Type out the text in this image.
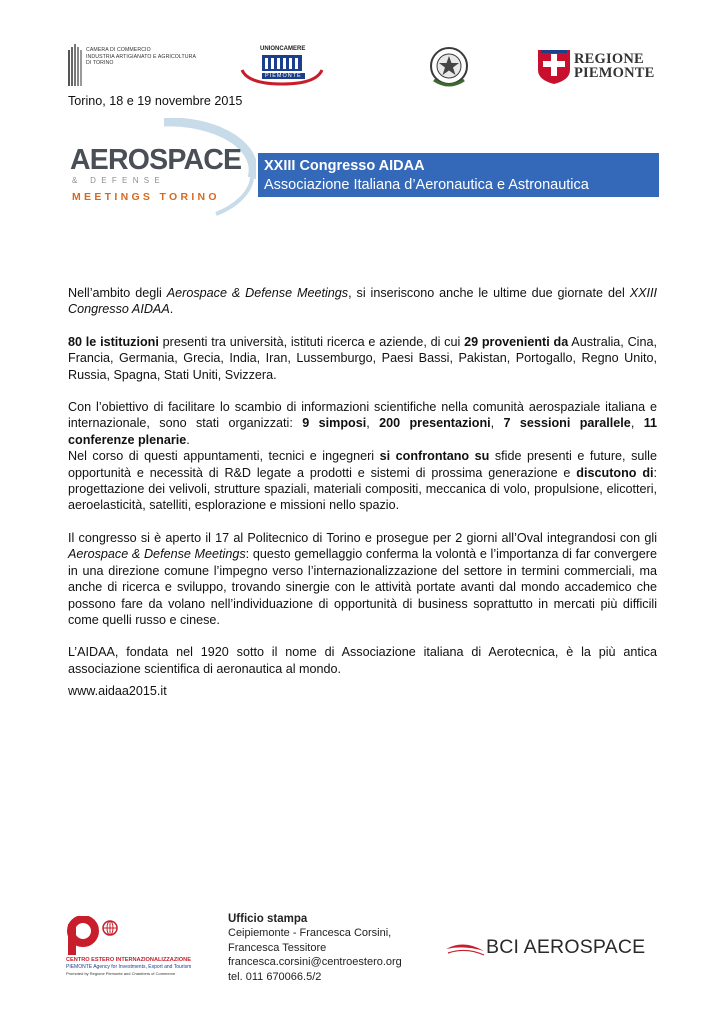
CAMERA DI COMMERCIO
INDUSTRIA ARTIGIANATO E AGRICOLTURA
DI TORINO
UNIONCAMERE
PIEMONTE
REGIONE
PIEMONTE
Torino, 18 e 19 novembre 2015
AEROSPACE
& DEFENSE
MEETINGS TORINO
XXIII Congresso AIDAA
Associazione Italiana d’Aeronautica e Astronautica

Nell’ambito degli Aerospace & Defense Meetings, si inseriscono anche le ultime due giornate del XXIII Congresso AIDAA.

80 le istituzioni presenti tra università, istituti ricerca e aziende, di cui 29 provenienti da Australia, Cina, Francia, Germania, Grecia, India, Iran, Lussemburgo, Paesi Bassi, Pakistan, Portogallo, Regno Unito, Russia, Spagna, Stati Uniti, Svizzera.

Con l’obiettivo di facilitare lo scambio di informazioni scientifiche nella comunità aerospaziale italiana e internazionale, sono stati organizzati: 9 simposi, 200 presentazioni, 7 sessioni parallele, 11 conferenze plenarie.

Nel corso di questi appuntamenti, tecnici e ingegneri si confrontano su sfide presenti e future, sulle opportunità e necessità di R&D legate a prodotti e sistemi di prossima generazione e discutono di: progettazione dei velivoli, strutture spaziali, materiali compositi, meccanica di volo, propulsione, elicotteri, aeroelasticità, satelliti, esplorazione e missioni nello spazio.

Il congresso si è aperto il 17 al Politecnico di Torino e prosegue per 2 giorni all’Oval integrandosi con gli Aerospace & Defense Meetings: questo gemellaggio conferma la volontà e l’importanza di far convergere in una direzione comune l’impegno verso l’internazionalizzazione del settore in termini commerciali, ma anche di ricerca e sviluppo, trovando sinergie con le attività portate avanti dal mondo accademico che possono fare da volano nell’individuazione di opportunità di business soprattutto in mercati più difficili come quelli russo e cinese.

L’AIDAA, fondata nel 1920 sotto il nome di Associazione italiana di Aerotecnica, è la più antica associazione scientifica di aeronautica al mondo.

www.aidaa2015.it
CENTRO ESTERO INTERNAZIONALIZZAZIONE
PIEMONTE Agency for Investments, Export and Tourism
Promoted by Regione Piemonte and Chambers of Commerce
Ufficio stampa
Ceipiemonte - Francesca Corsini,
Francesca Tessitore
francesca.corsini@centroestero.org
tel. 011 670066.5/2
BCI AEROSPACE
